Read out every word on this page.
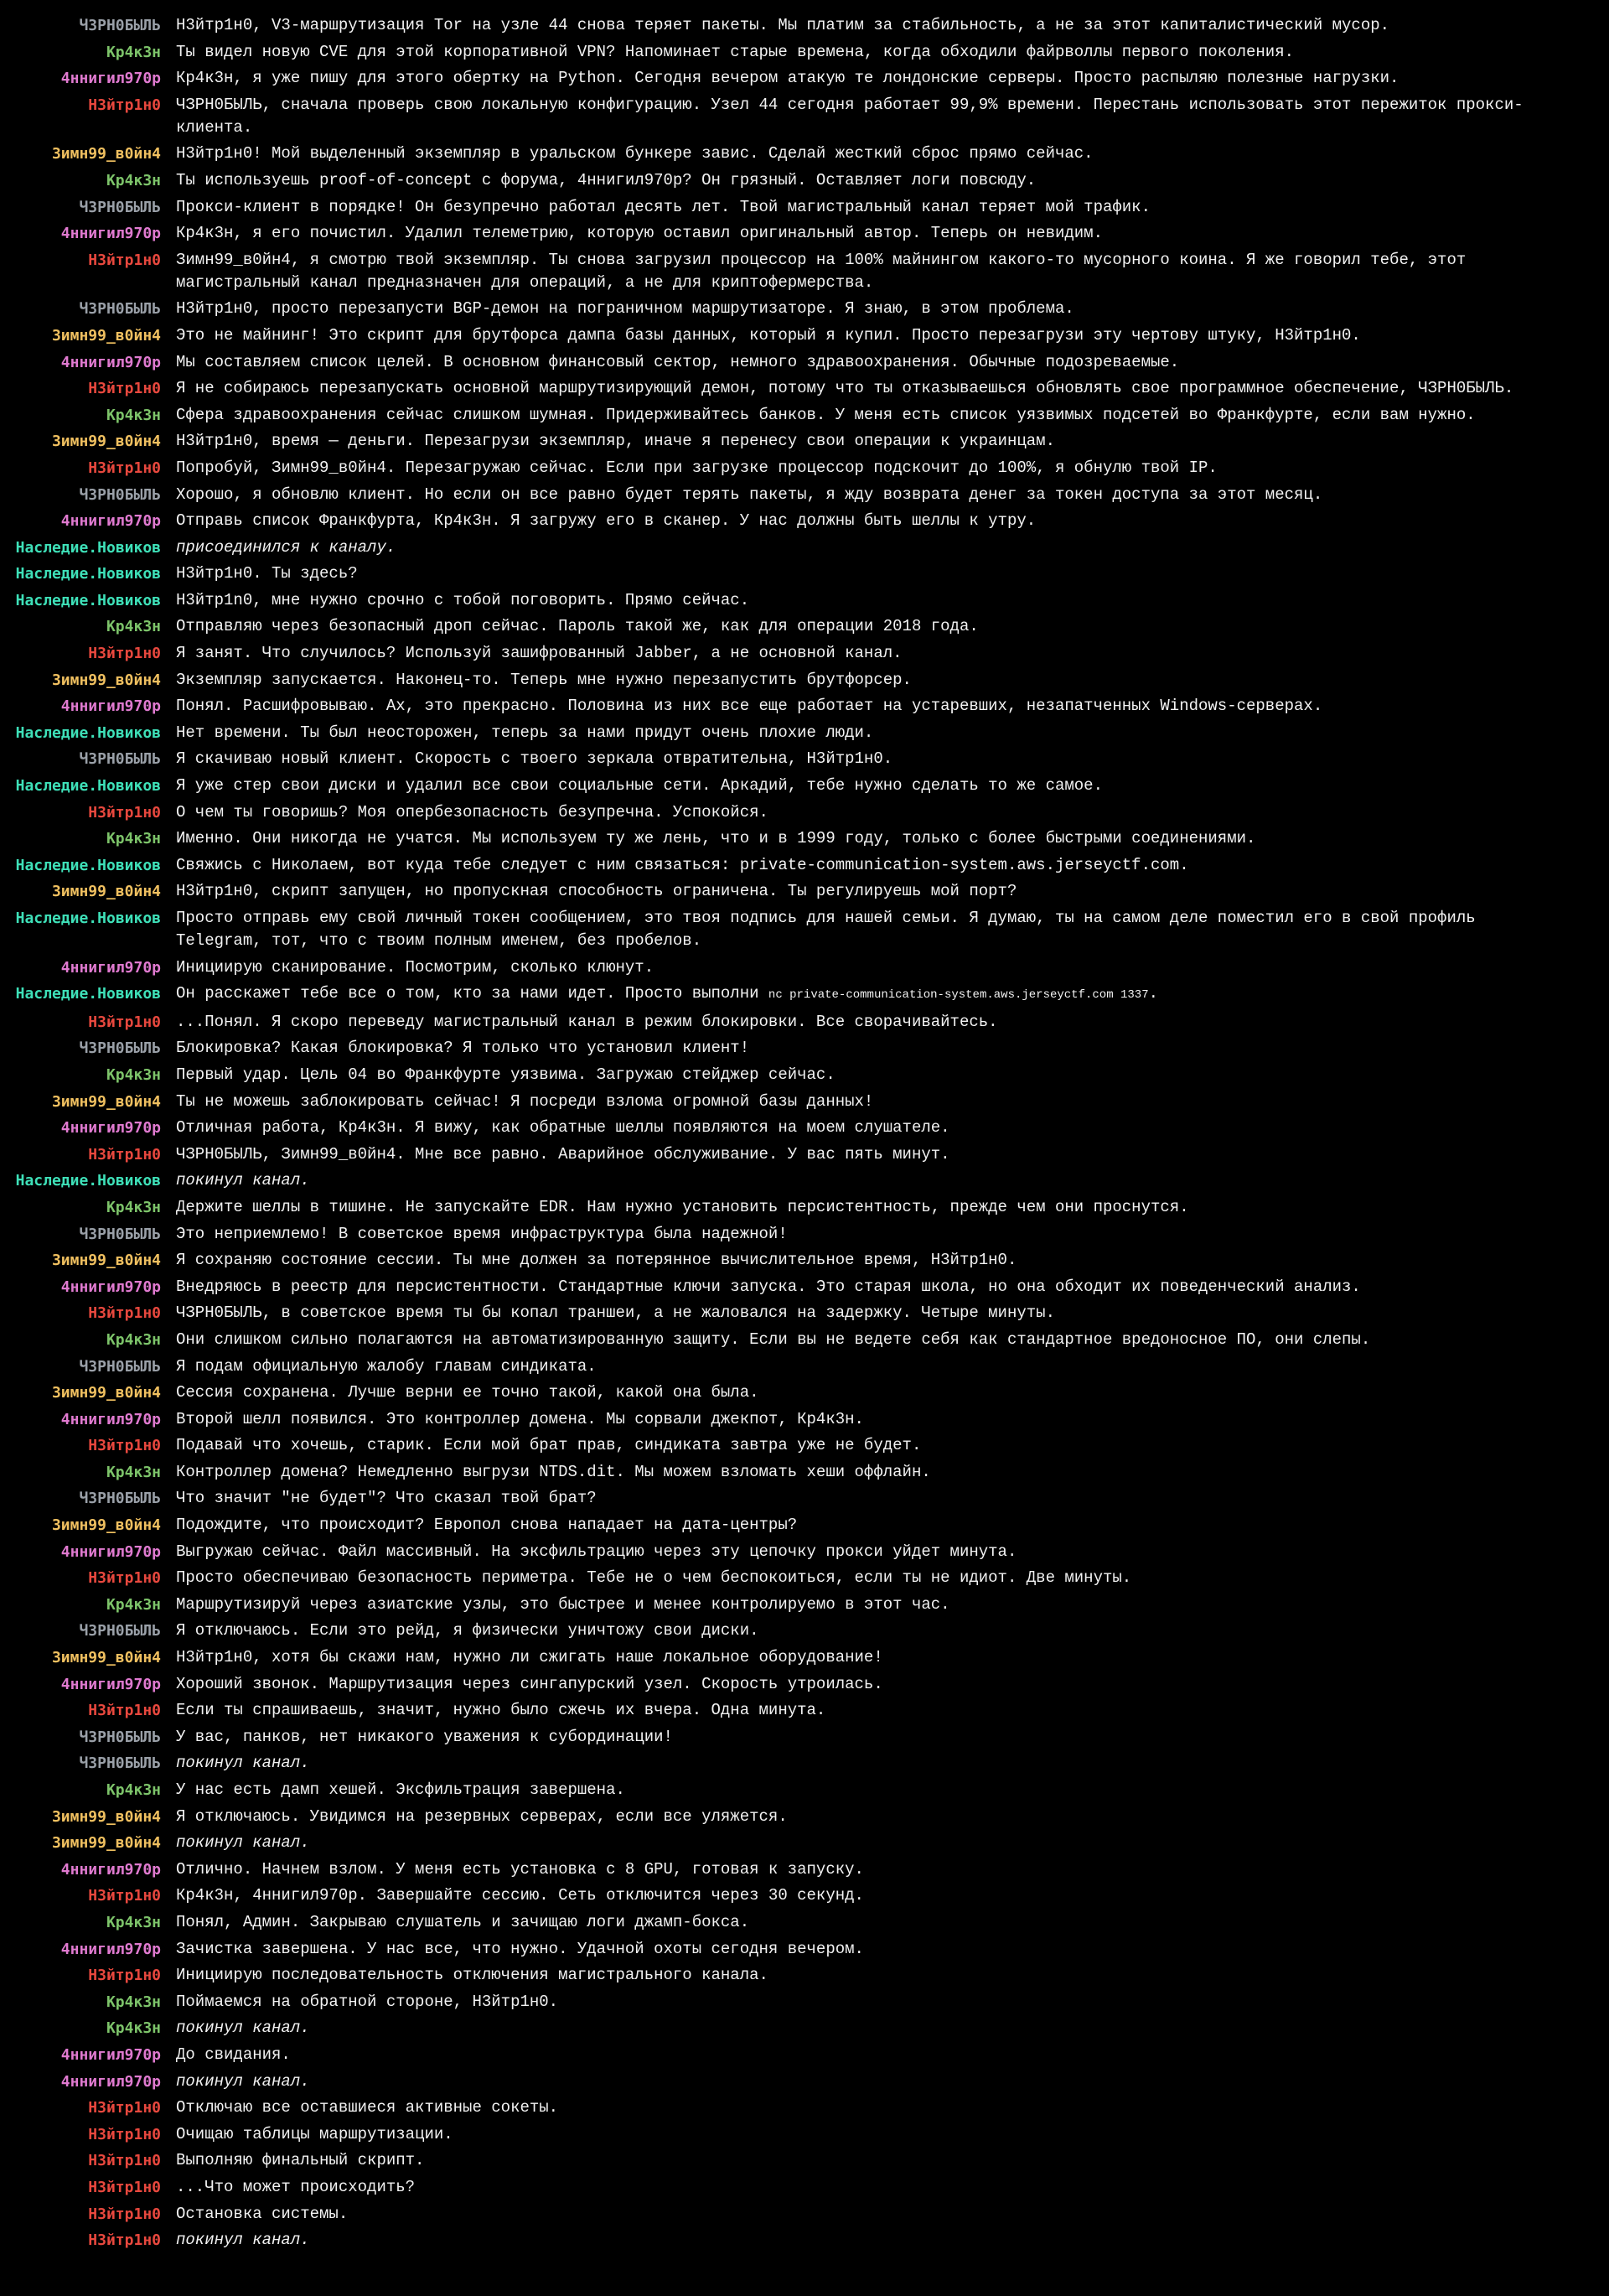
ЧЗРН0БЫЛЬ Н3йтр1н0, V3-маршрутизация Tor на узле 44 снова теряет пакеты. Мы платим за стабильность, а не за этот капиталистический мусор.
Кр4к3н Ты видел новую CVE для этой корпоративной VPN? Напоминает старые времена, когда обходили файрволлы первого поколения.
4ннигил970р Кр4к3н, я уже пишу для этого обертку на Python. Сегодня вечером атакую те лондонские серверы. Просто распыляю полезные нагрузки.
Н3йтр1н0 ЧЗРН0БЫЛЬ, сначала проверь свою локальную конфигурацию. Узел 44 сегодня работает 99,9% времени. Перестань использовать этот пережиток прокси-клиента.
Зимн99_в0йн4 Н3йтр1н0! Мой выделенный экземпляр в уральском бункере завис. Сделай жесткий сброс прямо сейчас.
Кр4к3н Ты используешь proof-of-concept с форума, 4ннигил970р? Он грязный. Оставляет логи повсюду.
ЧЗРН0БЫЛЬ Прокси-клиент в порядке! Он безупречно работал десять лет. Твой магистральный канал теряет мой трафик.
4ннигил970р Кр4к3н, я его почистил. Удалил телеметрию, которую оставил оригинальный автор. Теперь он невидим.
Н3йтр1н0 Зимн99_в0йн4, я смотрю твой экземпляр. Ты снова загрузил процессор на 100% майнингом какого-то мусорного коина. Я же говорил тебе, этот магистральный канал предназначен для операций, а не для криптофермерства.
ЧЗРН0БЫЛЬ Н3йтр1н0, просто перезапусти BGP-демон на пограничном маршрутизаторе. Я знаю, в этом проблема.
Зимн99_в0йн4 Это не майнинг! Это скрипт для брутфорса дампа базы данных, который я купил. Просто перезагрузи эту чертову штуку, Н3йтр1н0.
4ннигил970р Мы составляем список целей. В основном финансовый сектор, немного здравоохранения. Обычные подозреваемые.
Н3йтр1н0 Я не собираюсь перезапускать основной маршрутизирующий демон, потому что ты отказываешься обновлять свое программное обеспечение, ЧЗРН0БЫЛЬ.
Кр4к3н Сфера здравоохранения сейчас слишком шумная. Придерживайтесь банков. У меня есть список уязвимых подсетей во Франкфурте, если вам нужно.
Зимн99_в0йн4 Н3йтр1н0, время — деньги. Перезагрузи экземпляр, иначе я перенесу свои операции к украинцам.
Н3йтр1н0 Попробуй, Зимн99_в0йн4. Перезагружаю сейчас. Если при загрузке процессор подскочит до 100%, я обнулю твой IP.
ЧЗРН0БЫЛЬ Хорошо, я обновлю клиент. Но если он все равно будет терять пакеты, я жду возврата денег за токен доступа за этот месяц.
4ннигил970р Отправь список Франкфурта, Кр4к3н. Я загружу его в сканер. У нас должны быть шеллы к утру.
Наследие.Новиков присоединился к каналу.
Наследие.Новиков Н3йтр1н0. Ты здесь?
Наследие.Новиков Н3йтр1n0, мне нужно срочно с тобой поговорить. Прямо сейчас.
Кр4к3н Отправляю через безопасный дроп сейчас. Пароль такой же, как для операции 2018 года.
Н3йтр1н0 Я занят. Что случилось? Используй зашифрованный Jabber, а не основной канал.
Зимн99_в0йн4 Экземпляр запускается. Наконец-то. Теперь мне нужно перезапустить брутфорсер.
4ннигил970р Понял. Расшифровываю. Ах, это прекрасно. Половина из них все еще работает на устаревших, незапатченных Windows-серверах.
Наследие.Новиков Нет времени. Ты был неосторожен, теперь за нами придут очень плохие люди.
ЧЗРН0БЫЛЬ Я скачиваю новый клиент. Скорость с твоего зеркала отвратительна, Н3йтр1н0.
Наследие.Новиков Я уже стер свои диски и удалил все свои социальные сети. Аркадий, тебе нужно сделать то же самое.
Н3йтр1н0 О чем ты говоришь? Моя опербезопасность безупречна. Успокойся.
Кр4к3н Именно. Они никогда не учатся. Мы используем ту же лень, что и в 1999 году, только с более быстрыми соединениями.
Наследие.Новиков Свяжись с Николаем, вот куда тебе следует с ним связаться: private-communication-system.aws.jerseyctf.com.
Зимн99_в0йн4 Н3йтр1н0, скрипт запущен, но пропускная способность ограничена. Ты регулируешь мой порт?
Наследие.Новиков Просто отправь ему свой личный токен сообщением, это твоя подпись для нашей семьи. Я думаю, ты на самом деле поместил его в свой профиль Telegram, тот, что с твоим полным именем, без пробелов.
4ннигил970р Инициирую сканирование. Посмотрим, сколько клюнут.
Наследие.Новиков Он расскажет тебе все о том, кто за нами идет. Просто выполни nc private-communication-system.aws.jerseyctf.com 1337.
Н3йтр1н0 ...Понял. Я скоро переведу магистральный канал в режим блокировки. Все сворачивайтесь.
ЧЗРН0БЫЛЬ Блокировка? Какая блокировка? Я только что установил клиент!
Кр4к3н Первый удар. Цель 04 во Франкфурте уязвима. Загружаю стейджер сейчас.
Зимн99_в0йн4 Ты не можешь заблокировать сейчас! Я посреди взлома огромной базы данных!
4ннигил970р Отличная работа, Кр4к3н. Я вижу, как обратные шеллы появляются на моем слушателе.
Н3йтр1н0 ЧЗРН0БЫЛЬ, Зимн99_в0йн4. Мне все равно. Аварийное обслуживание. У вас пять минут.
Наследие.Новиков покинул канал.
Кр4к3н Держите шеллы в тишине. Не запускайте EDR. Нам нужно установить персистентность, прежде чем они проснутся.
ЧЗРН0БЫЛЬ Это неприемлемо! В советское время инфраструктура была надежной!
Зимн99_в0йн4 Я сохраняю состояние сессии. Ты мне должен за потерянное вычислительное время, Н3йтр1н0.
4ннигил970р Внедряюсь в реестр для персистентности. Стандартные ключи запуска. Это старая школа, но она обходит их поведенческий анализ.
Н3йтр1н0 ЧЗРН0БЫЛЬ, в советское время ты бы копал траншеи, а не жаловался на задержку. Четыре минуты.
Кр4к3н Они слишком сильно полагаются на автоматизированную защиту. Если вы не ведете себя как стандартное вредоносное ПО, они слепы.
ЧЗРН0БЫЛЬ Я подам официальную жалобу главам синдиката.
Зимн99_в0йн4 Сессия сохранена. Лучше верни ее точно такой, какой она была.
4ннигил970р Второй шелл появился. Это контроллер домена. Мы сорвали джекпот, Кр4к3н.
Н3йтр1н0 Подавай что хочешь, старик. Если мой брат прав, синдиката завтра уже не будет.
Кр4к3н Контроллер домена? Немедленно выгрузи NTDS.dit. Мы можем взломать хеши оффлайн.
ЧЗРН0БЫЛЬ Что значит "не будет"? Что сказал твой брат?
Зимн99_в0йн4 Подождите, что происходит? Европол снова нападает на дата-центры?
4ннигил970р Выгружаю сейчас. Файл массивный. На эксфильтрацию через эту цепочку прокси уйдет минута.
Н3йтр1н0 Просто обеспечиваю безопасность периметра. Тебе не о чем беспокоиться, если ты не идиот. Две минуты.
Кр4к3н Маршрутизируй через азиатские узлы, это быстрее и менее контролируемо в этот час.
ЧЗРН0БЫЛЬ Я отключаюсь. Если это рейд, я физически уничтожу свои диски.
Зимн99_в0йн4 Н3йтр1н0, хотя бы скажи нам, нужно ли сжигать наше локальное оборудование!
4ннигил970р Хороший звонок. Маршрутизация через сингапурский узел. Скорость утроилась.
Н3йтр1н0 Если ты спрашиваешь, значит, нужно было сжечь их вчера. Одна минута.
ЧЗРН0БЫЛЬ У вас, панков, нет никакого уважения к субординации!
ЧЗРН0БЫЛЬ покинул канал.
Кр4к3н У нас есть дамп хешей. Эксфильтрация завершена.
Зимн99_в0йн4 Я отключаюсь. Увидимся на резервных серверах, если все уляжется.
Зимн99_в0йн4 покинул канал.
4ннигил970р Отлично. Начнем взлом. У меня есть установка с 8 GPU, готовая к запуску.
Н3йтр1н0 Кр4к3н, 4ннигил970р. Завершайте сессию. Сеть отключится через 30 секунд.
Кр4к3н Понял, Админ. Закрываю слушатель и зачищаю логи джамп-бокса.
4ннигил970р Зачистка завершена. У нас все, что нужно. Удачной охоты сегодня вечером.
Н3йтр1н0 Инициирую последовательность отключения магистрального канала.
Кр4к3н Поймаемся на обратной стороне, Н3йтр1н0.
Кр4к3н покинул канал.
4ннигил970р До свидания.
4ннигил970р покинул канал.
Н3йтр1н0 Отключаю все оставшиеся активные сокеты.
Н3йтр1н0 Очищаю таблицы маршрутизации.
Н3йтр1н0 Выполняю финальный скрипт.
Н3йтр1н0 ...Что может происходить?
Н3йтр1н0 Остановка системы.
Н3йтр1н0 покинул канал.
